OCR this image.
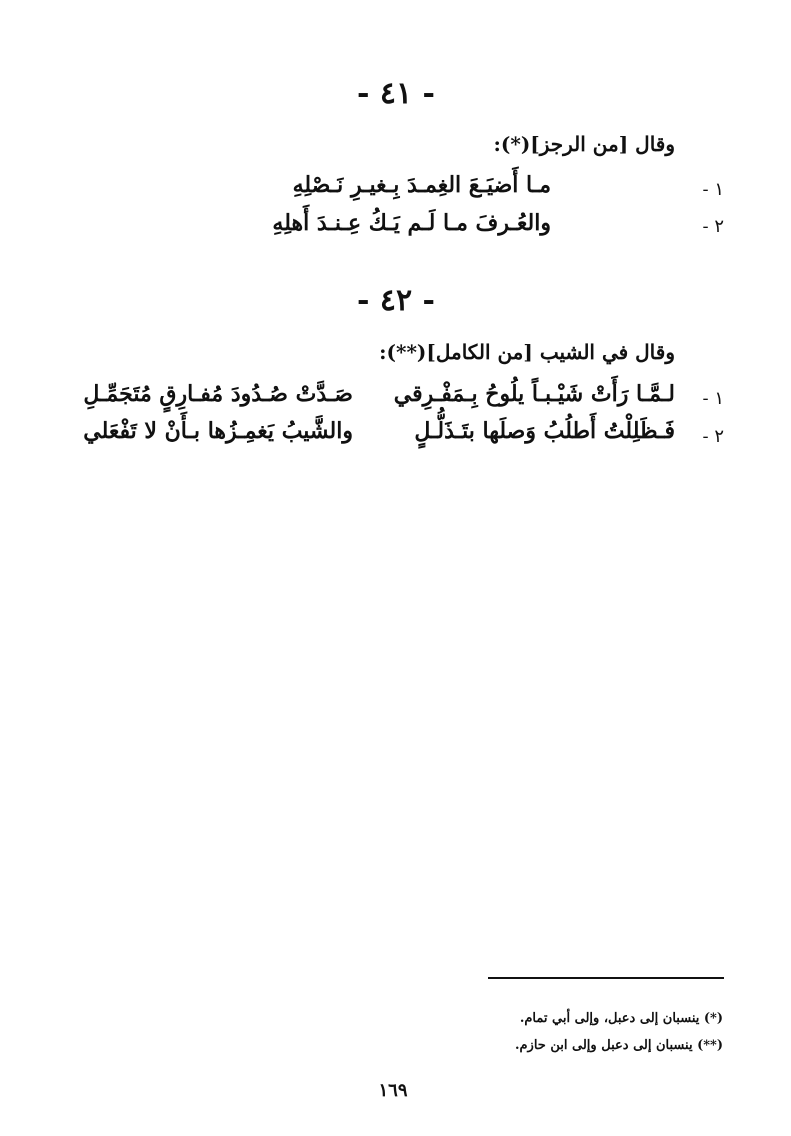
- ٤١ -
وقال [من الرجز](*):
١ -
مـا أَضيَـعَ الغِمـدَ بِـغيـرِ نَـصْلِهِ
٢ -
والعُـرفَ مـا لَـم يَـكُ عِـنـدَ أَهلِهِ
- ٤٢ -
وقال في الشيب [من الكامل](**):
١ -
لـمَّـا رَأَتْ شَيْـبـاً يلُوحُ بِـمَفْـرِقي
صَـدَّتْ صُـدُودَ مُفـارِقٍ مُتَجَمِّـلِ
٢ -
فَـظَلِلْتُ أَطلُبُ وَصلَها بتَـذَلُّـلٍ
والشَّيبُ يَغمِـزُها بـأَنْ لا تَفْعَلي
(*) ينسبان إلى دعبل، وإلى أبي تمام.
(**) ينسبان إلى دعبل وإلى ابن حازم.
١٦٩
